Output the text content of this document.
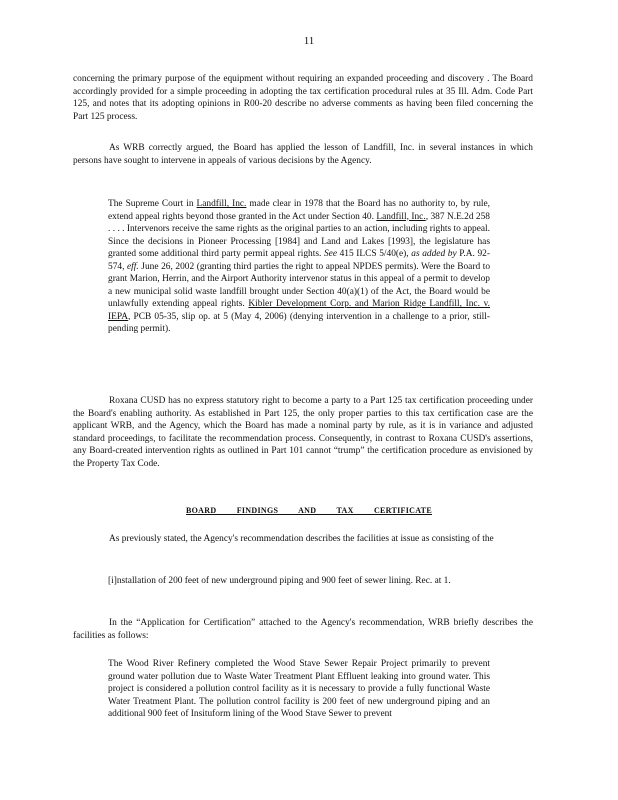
11

concerning the primary purpose of the equipment without requiring an expanded proceeding and discovery . The Board accordingly provided for a simple proceeding in adopting the tax certification procedural rules at 35 Ill. Adm. Code Part 125, and notes that its adopting opinions in R00-20 describe no adverse comments as having been filed concerning the Part 125 process.

As WRB correctly argued, the Board has applied the lesson of Landfill, Inc. in several instances in which persons have sought to intervene in appeals of various decisions by the Agency.

The Supreme Court in Landfill, Inc. made clear in 1978 that the Board has no authority to, by rule, extend appeal rights beyond those granted in the Act under Section 40. Landfill, Inc., 387 N.E.2d 258 . . . . Intervenors receive the same rights as the original parties to an action, including rights to appeal. Since the decisions in Pioneer Processing [1984] and Land and Lakes [1993], the legislature has granted some additional third party permit appeal rights. See 415 ILCS 5/40(e), as added by P.A. 92-574, eff. June 26, 2002 (granting third parties the right to appeal NPDES permits). Were the Board to grant Marion, Herrin, and the Airport Authority intervenor status in this appeal of a permit to develop a new municipal solid waste landfill brought under Section 40(a)(1) of the Act, the Board would be unlawfully extending appeal rights. Kibler Development Corp. and Marion Ridge Landfill, Inc. v. IEPA, PCB 05-35, slip op. at 5 (May 4, 2006) (denying intervention in a challenge to a prior, still-pending permit).

Roxana CUSD has no express statutory right to become a party to a Part 125 tax certification proceeding under the Board's enabling authority. As established in Part 125, the only proper parties to this tax certification case are the applicant WRB, and the Agency, which the Board has made a nominal party by rule, as it is in variance and adjusted standard proceedings, to facilitate the recommendation process. Consequently, in contrast to Roxana CUSD's assertions, any Board-created intervention rights as outlined in Part 101 cannot “trump” the certification procedure as envisioned by the Property Tax Code.

BOARD FINDINGS AND TAX CERTIFICATE

As previously stated, the Agency's recommendation describes the facilities at issue as consisting of the

[i]nstallation of 200 feet of new underground piping and 900 feet of sewer lining. Rec. at 1.

In the “Application for Certification” attached to the Agency's recommendation, WRB briefly describes the facilities as follows:

The Wood River Refinery completed the Wood Stave Sewer Repair Project primarily to prevent ground water pollution due to Waste Water Treatment Plant Effluent leaking into ground water. This project is considered a pollution control facility as it is necessary to provide a fully functional Waste Water Treatment Plant. The pollution control facility is 200 feet of new underground piping and an additional 900 feet of Insituform lining of the Wood Stave Sewer to prevent
